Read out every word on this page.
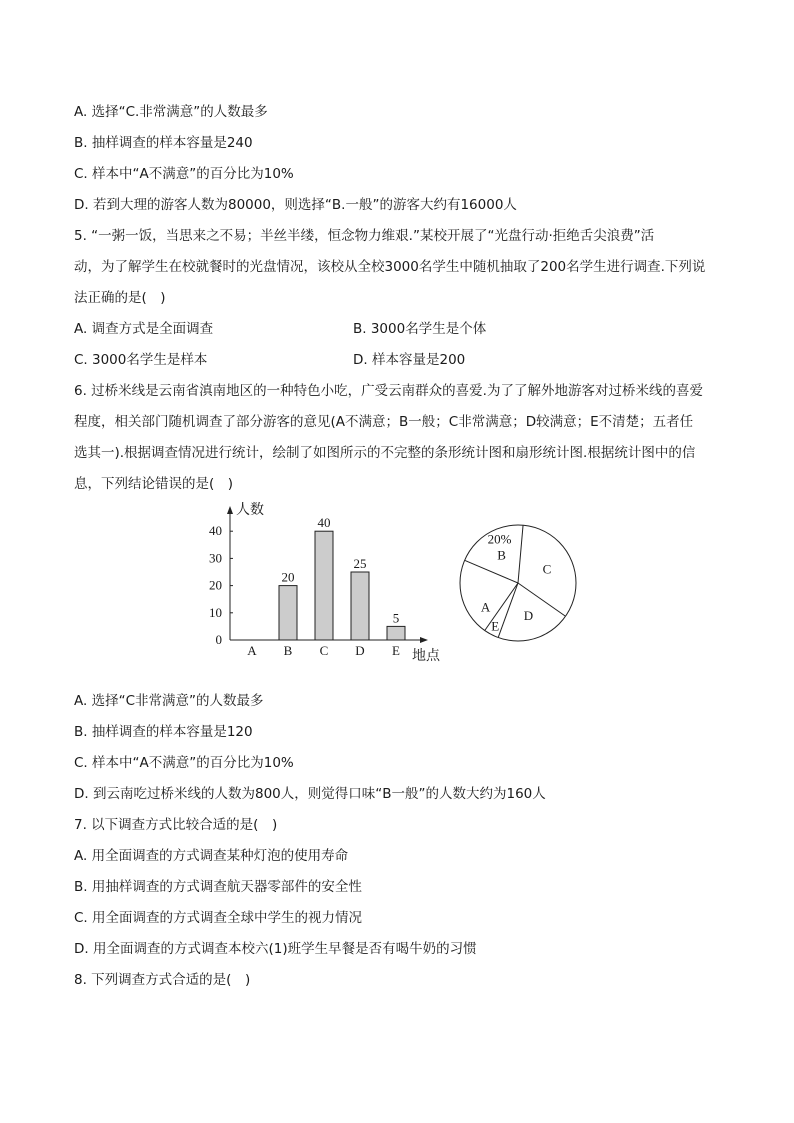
A. 选择“C.非常满意”的人数最多
B. 抽样调查的样本容量是240
C. 样本中“A不满意”的百分比为10%
D. 若到大理的游客人数为80000，则选择“B.一般”的游客大约有16000人
5. “一粥一饭，当思来之不易；半丝半缕，恒念物力维艰.”某校开展了“光盘行动·拒绝舌尖浪费”活
动，为了解学生在校就餐时的光盘情况，该校从全校3000名学生中随机抽取了200名学生进行调查.下列说
法正确的是(　)
A. 调查方式是全面调查	B. 3000名学生是个体
C. 3000名学生是样本	D. 样本容量是200
6. 过桥米线是云南省滇南地区的一种特色小吃，广受云南群众的喜爱.为了了解外地游客对过桥米线的喜爱
程度，相关部门随机调查了部分游客的意见(A不满意；B一般；C非常满意；D较满意；E不清楚；五者任
选其一).根据调查情况进行统计，绘制了如图所示的不完整的条形统计图和扇形统计图.根据统计图中的信
息，下列结论错误的是(　)
人数
地点
0
10
20
30
40
A B
20
C
40
D
25
E
5
B
20%
C
D
E
A
A. 选择“C非常满意”的人数最多
B. 抽样调查的样本容量是120
C. 样本中“A不满意”的百分比为10%
D. 到云南吃过桥米线的人数为800人，则觉得口味“B一般”的人数大约为160人
7. 以下调查方式比较合适的是(　)
A. 用全面调查的方式调查某种灯泡的使用寿命
B. 用抽样调查的方式调查航天器零部件的安全性
C. 用全面调查的方式调查全球中学生的视力情况
D. 用全面调查的方式调查本校六(1)班学生早餐是否有喝牛奶的习惯
8. 下列调查方式合适的是(　)
